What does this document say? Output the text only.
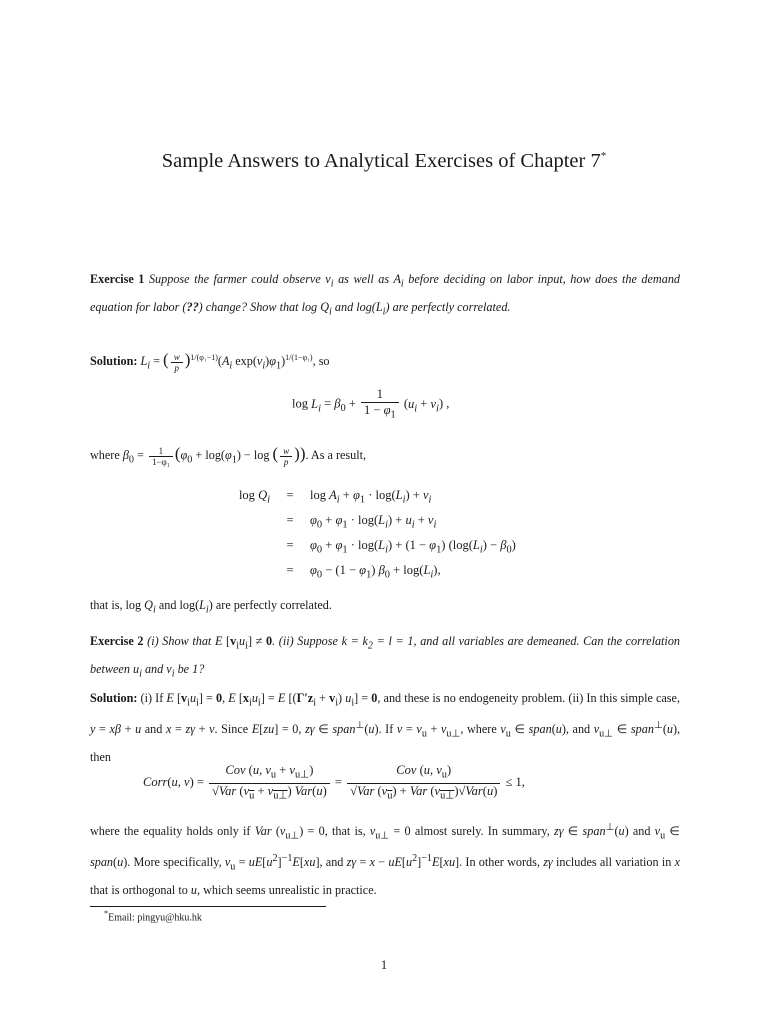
Sample Answers to Analytical Exercises of Chapter 7*
Exercise 1 Suppose the farmer could observe $\nu_i$ as well as $A_i$ before deciding on labor input, how does the demand equation for labor (??) change? Show that $\log Q_i$ and $\log(L_i)$ are perfectly correlated.
Solution: $L_i$ = ( $\frac{w}{p} )^{1/(\varphi_1-1)}(A_i$ $\exp(\nu_i)\varphi_1)^{1/(1-\varphi_1)}$, so
$\log L_i = \beta_0 + \frac{1}{1 - \varphi_1} (u_i + v_i)$ ,
where $\beta_0 = \frac{1}{\text{1−φ₁}} (\varphi_0 + \log(\varphi_1) - \log$ ( $\frac{w}{p}$ )). As a result,
$\log Q_i = \log A_i + \varphi_1 \cdot \log(L_i) + \nu_i$
= $\varphi_0 + \varphi_1 \cdot \log(L_i) + u_i + v_i$
= $\varphi_0 + \varphi_1 \cdot \log(L_i) + (1 - \varphi_1) (\log(L_i) - \beta_0)$
= $\varphi_0 - (1 - \varphi_1) \beta_0 + \log(L_i)$,
that is, $\log Q_i$ and $\log(L_i)$ are perfectly correlated.
Exercise 2 (i) Show that E $[v_iu_i] \ne 0$. (ii) Suppose $k = k_2 = l = 1$, and all variables are demeaned. Can the correlation between $u_i$ and $v_i$ be 1?
Solution: (i) If E $[v_iu_i] = 0$, E $[x_iu_i] = E$ $[(\Gamma'z_i + v_i) u_i] = 0$, and these is no endogeneity problem. (ii) In this simple case, y = xβ + u and x = zγ + v. Since E[zu] = 0, zγ ∈ span⊥(u). If $v = v_u + v_{u\perp}$, where $v_u$ ∈ span(u), and $v_{u\perp}$ ∈ span⊥(u), then
Corr(u, $v) = \frac{Cov (u, v_u + v_{u\perp})}{√Var (v_u + v_{u\perp}) Var(u)} = \frac{Cov (u, v_u)}{√Var (v_u) + Var (v_{u\perp})√Var(u)} \le 1$,
where the equality holds only if Var $(v_{u\perp}) = 0$, that is, $v_{u\perp} = 0$ almost surely. In summary, zγ ∈ span⊥(u) and $v_u$ ∈ span(u). More specifically, $v_u = uE[u^2]^{-1}E[xu]$, and $z\gamma = x - uE[u^2]^{-1}E[xu]$. In other words, zγ includes all variation in x that is orthogonal to u, which seems unrealistic in practice.
*Email: pingyu@hku.hk
1
